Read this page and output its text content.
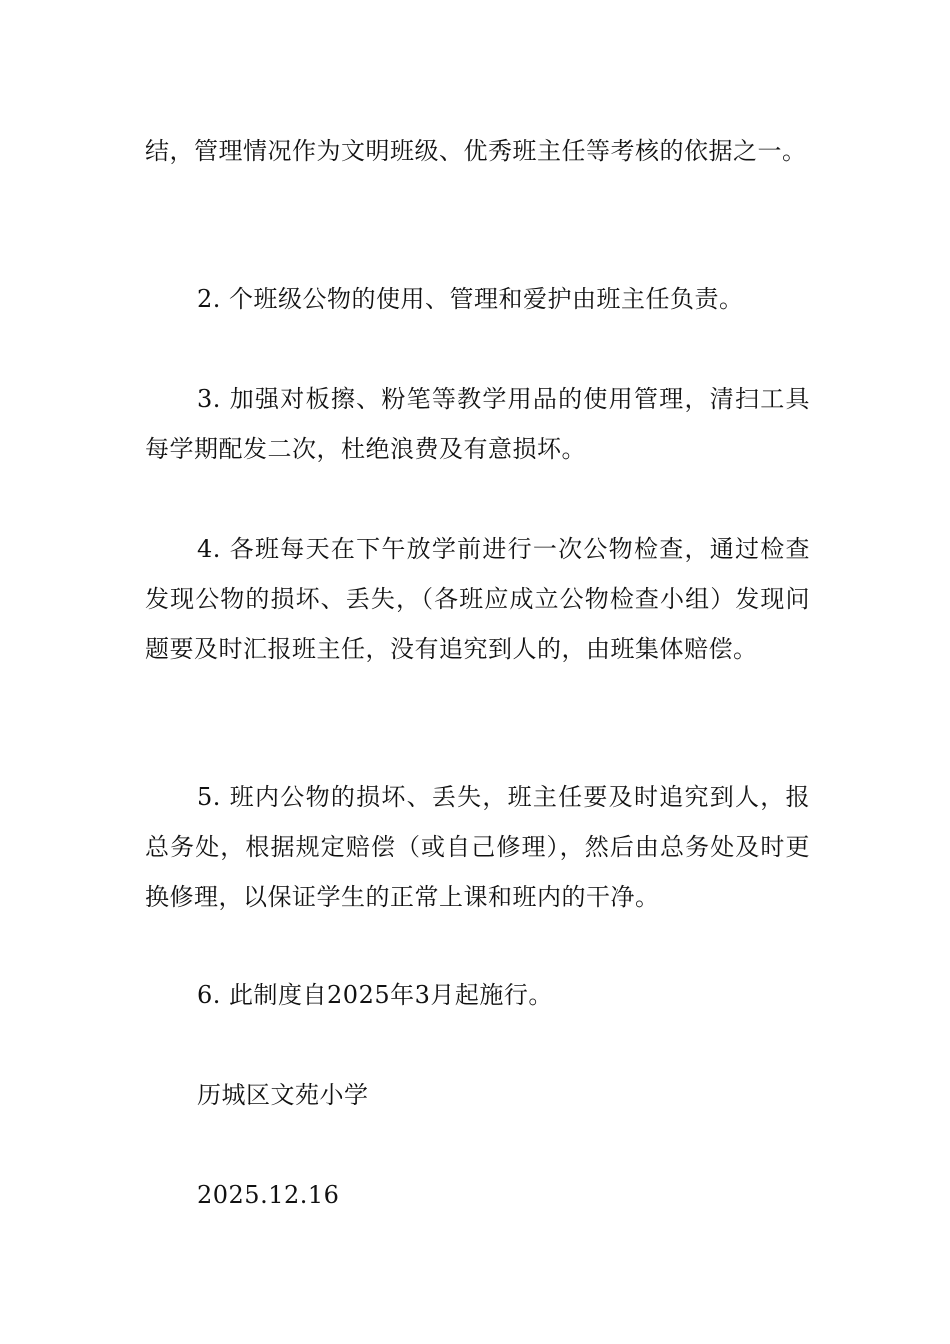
结，管理情况作为文明班级、优秀班主任等考核的依据之一。

2. 个班级公物的使用、管理和爱护由班主任负责。

3. 加强对板擦、粉笔等教学用品的使用管理，清扫工具每学期配发二次，杜绝浪费及有意损坏。

4. 各班每天在下午放学前进行一次公物检查，通过检查发现公物的损坏、丢失，（各班应成立公物检查小组）发现问题要及时汇报班主任，没有追究到人的，由班集体赔偿。

5. 班内公物的损坏、丢失，班主任要及时追究到人，报总务处，根据规定赔偿（或自己修理），然后由总务处及时更换修理，以保证学生的正常上课和班内的干净。

6. 此制度自2025年3月起施行。

历城区文苑小学

2025.12.16
